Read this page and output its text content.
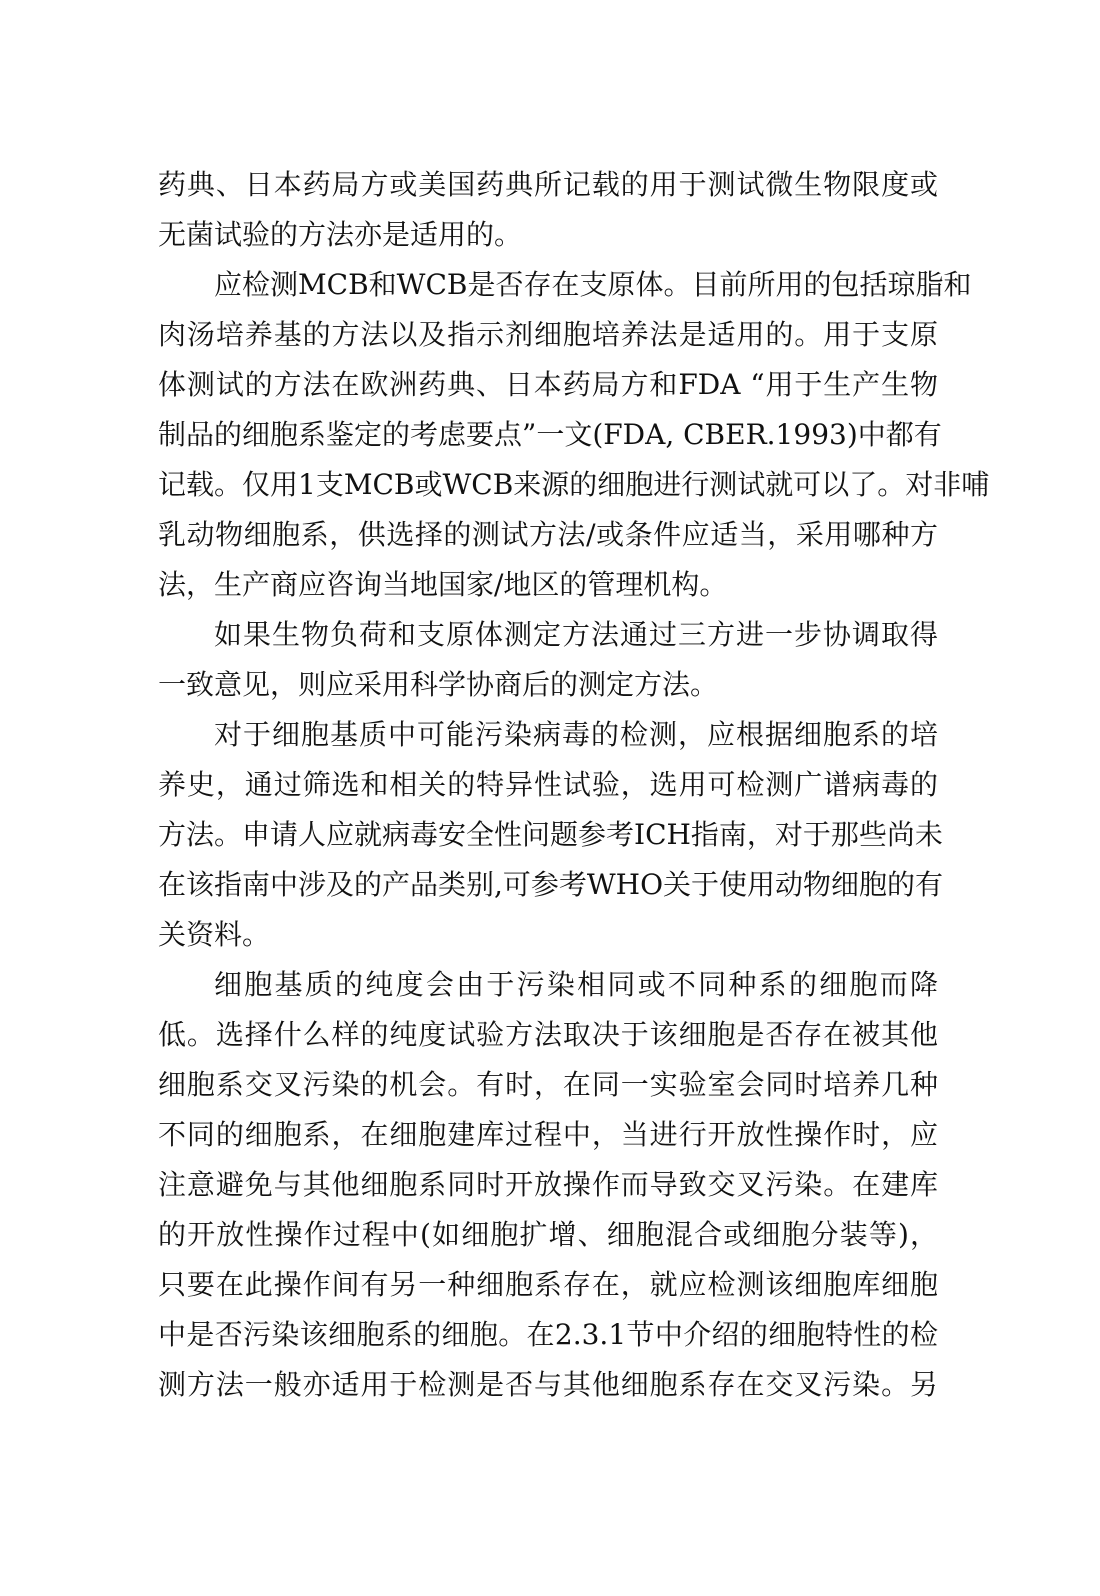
药典、日本药局方或美国药典所记载的用于测试微生物限度或
无菌试验的方法亦是适用的。
应检测MCB和WCB是否存在支原体。目前所用的包括琼脂和
肉汤培养基的方法以及指示剂细胞培养法是适用的。用于支原
体测试的方法在欧洲药典、日本药局方和FDA “用于生产生物
制品的细胞系鉴定的考虑要点”一文(FDA, CBER.1993)中都有
记载。仅用1支MCB或WCB来源的细胞进行测试就可以了。对非哺
乳动物细胞系，供选择的测试方法/或条件应适当，采用哪种方
法，生产商应咨询当地国家/地区的管理机构。
如果生物负荷和支原体测定方法通过三方进一步协调取得
一致意见，则应采用科学协商后的测定方法。
对于细胞基质中可能污染病毒的检测，应根据细胞系的培
养史，通过筛选和相关的特异性试验，选用可检测广谱病毒的
方法。申请人应就病毒安全性问题参考ICH指南，对于那些尚未
在该指南中涉及的产品类别,可参考WHO关于使用动物细胞的有
关资料。
细胞基质的纯度会由于污染相同或不同种系的细胞而降
低。选择什么样的纯度试验方法取决于该细胞是否存在被其他
细胞系交叉污染的机会。有时，在同一实验室会同时培养几种
不同的细胞系，在细胞建库过程中，当进行开放性操作时，应
注意避免与其他细胞系同时开放操作而导致交叉污染。在建库
的开放性操作过程中(如细胞扩增、细胞混合或细胞分装等)，
只要在此操作间有另一种细胞系存在，就应检测该细胞库细胞
中是否污染该细胞系的细胞。在2.3.1节中介绍的细胞特性的检
测方法一般亦适用于检测是否与其他细胞系存在交叉污染。另
